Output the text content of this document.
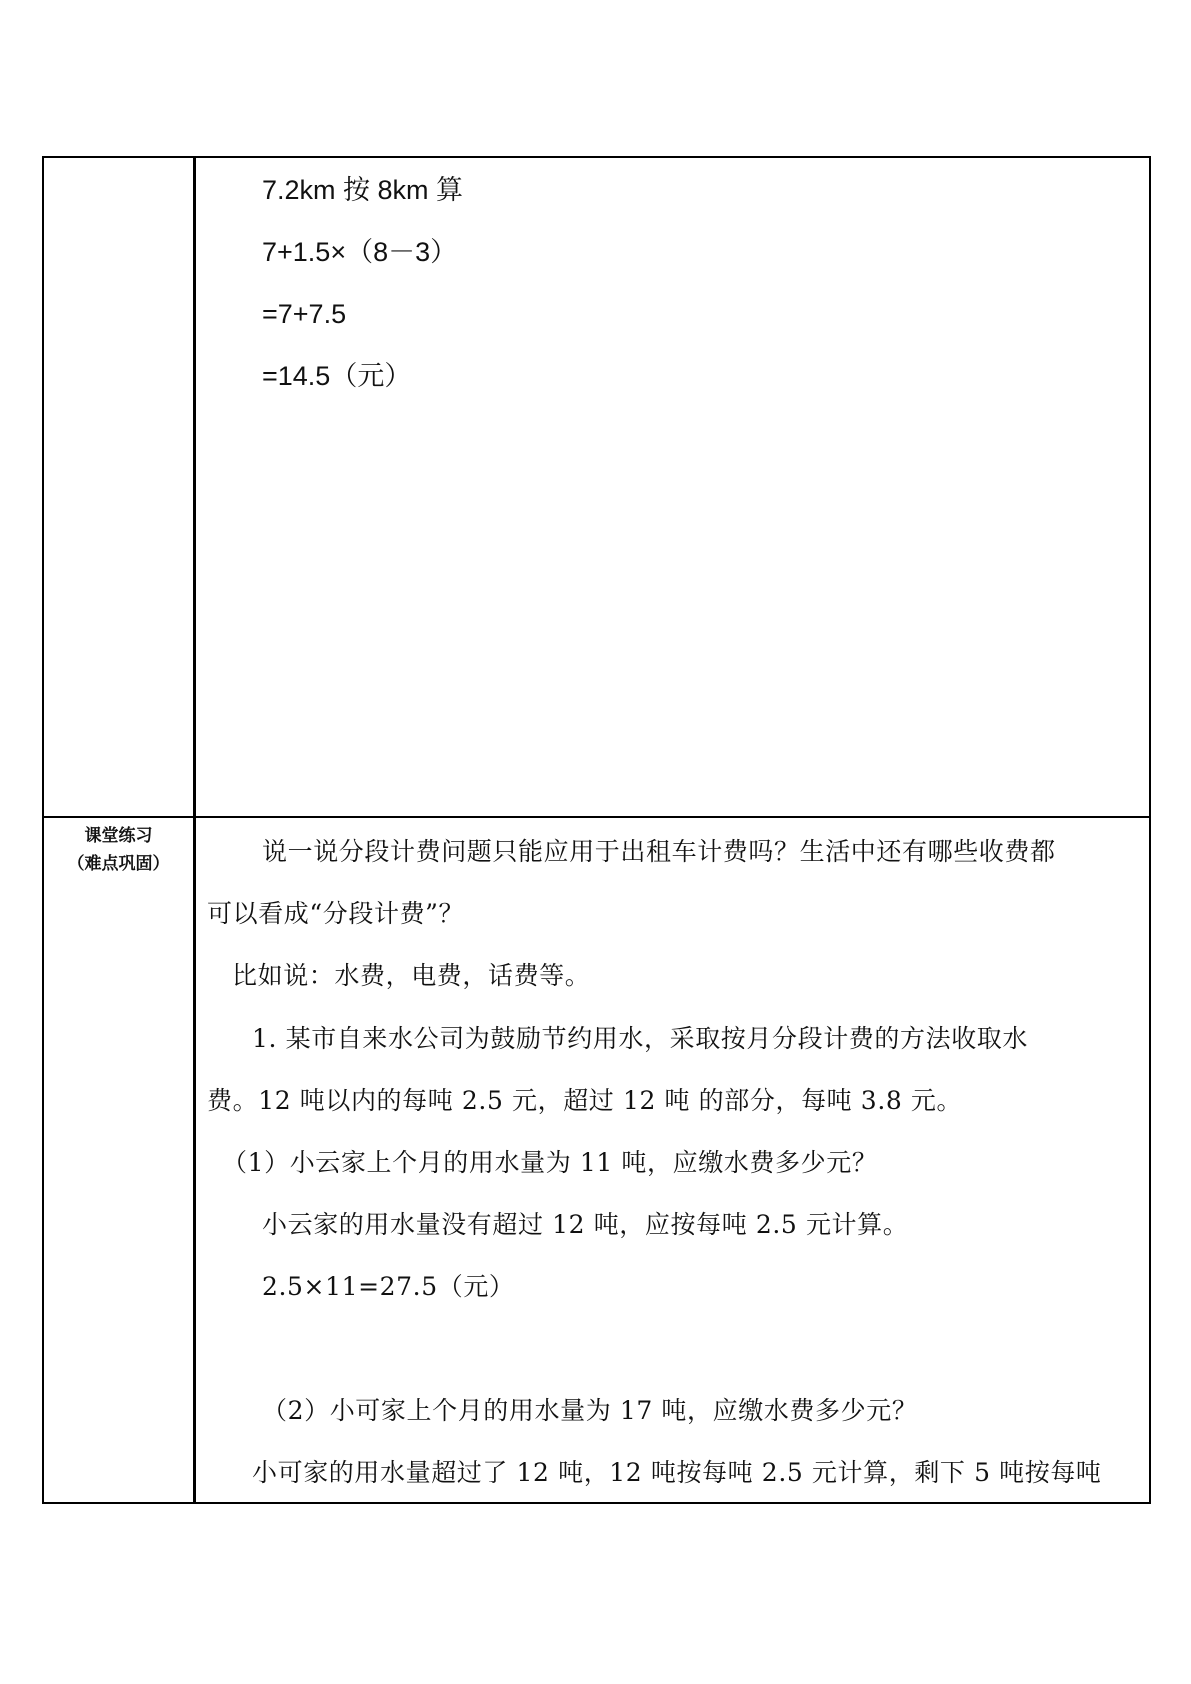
课堂练习
（难点巩固）
7.2km 按 8km 算
7+1.5×（8－3）
=7+7.5
=14.5（元）
说一说分段计费问题只能应用于出租车计费吗？生活中还有哪些收费都
可以看成“分段计费”？
比如说：水费，电费，话费等。
1. 某市自来水公司为鼓励节约用水，采取按月分段计费的方法收取水
费。12 吨以内的每吨 2.5 元，超过 12 吨 的部分，每吨 3.8 元。
（1）小云家上个月的用水量为 11 吨，应缴水费多少元？
小云家的用水量没有超过 12 吨，应按每吨 2.5 元计算。
2.5×11=27.5（元）
（2）小可家上个月的用水量为 17 吨，应缴水费多少元？
小可家的用水量超过了 12 吨，12 吨按每吨 2.5 元计算，剩下 5 吨按每吨
